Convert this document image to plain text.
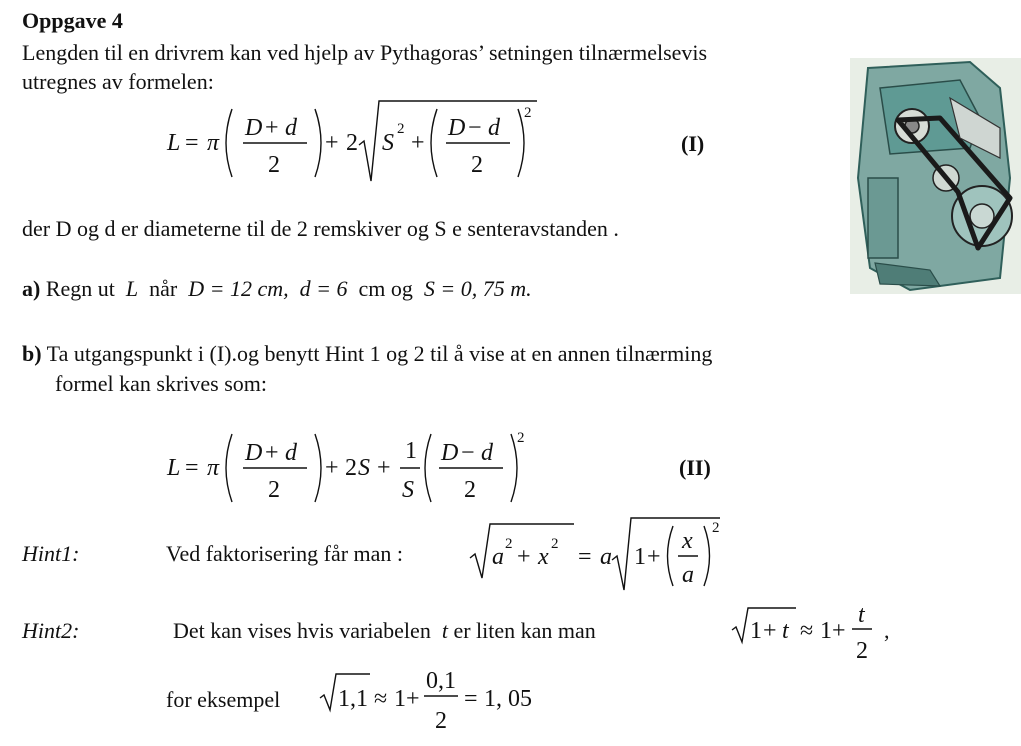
Oppgave 4
Lengden til en drivrem kan ved hjelp av Pythagoras’ setningen tilnærmelsevis
utregnes av formelen:
L = π
D + d
2
+ 2 S
2
+
D − d
2
2
(I)
der D og d er diameterne til de 2 remskiver og S e senteravstanden .
a) Regn ut L når D = 12 cm, d = 6 cm og S = 0, 75 m.
b) Ta utgangspunkt i (I).og benytt Hint 1 og 2 til å vise at en annen tilnærming
formel kan skrives som:
L = π
D + d
2
+ 2 S +
1
S
D − d
2
2
(II)
Hint1:	Ved faktorisering får man :	a 2 + x 2 = a 1 +
x
a
2
Hint2:	Det kan vises hvis variabelen t er liten kan man	1 + t ≈ 1 +
t
2
,
for eksempel 1,1 ≈ 1 +
0,1
2
= 1, 05
